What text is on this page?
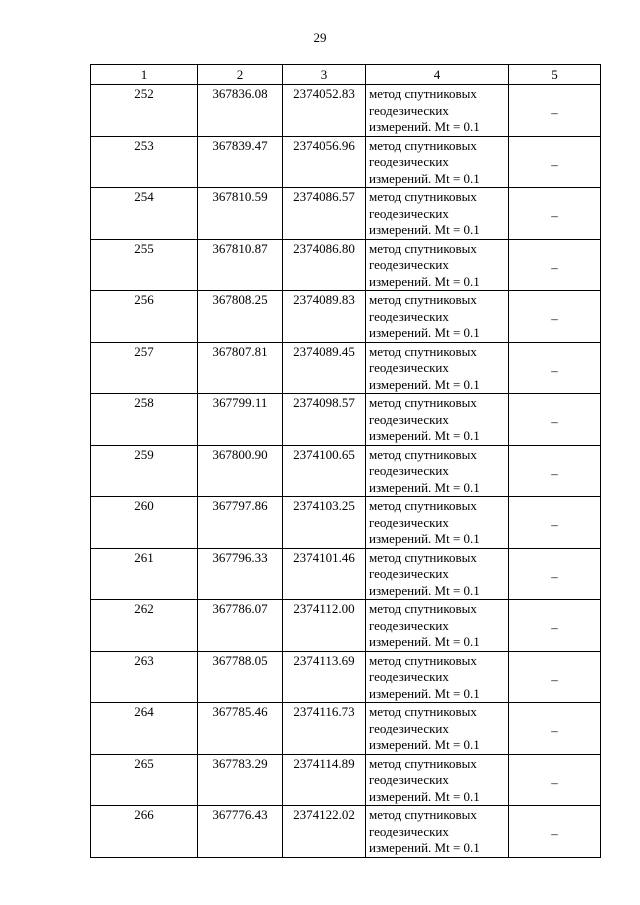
29
1	2	3	4	5
252	367836.08	2374052.83	метод спутниковых геодезических измерений. Mt = 0.1	–
253	367839.47	2374056.96	метод спутниковых геодезических измерений. Mt = 0.1	–
254	367810.59	2374086.57	метод спутниковых геодезических измерений. Mt = 0.1	–
255	367810.87	2374086.80	метод спутниковых геодезических измерений. Mt = 0.1	–
256	367808.25	2374089.83	метод спутниковых геодезических измерений. Mt = 0.1	–
257	367807.81	2374089.45	метод спутниковых геодезических измерений. Mt = 0.1	–
258	367799.11	2374098.57	метод спутниковых геодезических измерений. Mt = 0.1	–
259	367800.90	2374100.65	метод спутниковых геодезических измерений. Mt = 0.1	–
260	367797.86	2374103.25	метод спутниковых геодезических измерений. Mt = 0.1	–
261	367796.33	2374101.46	метод спутниковых геодезических измерений. Mt = 0.1	–
262	367786.07	2374112.00	метод спутниковых геодезических измерений. Mt = 0.1	–
263	367788.05	2374113.69	метод спутниковых геодезических измерений. Mt = 0.1	–
264	367785.46	2374116.73	метод спутниковых геодезических измерений. Mt = 0.1	–
265	367783.29	2374114.89	метод спутниковых геодезических измерений. Mt = 0.1	–
266	367776.43	2374122.02	метод спутниковых геодезических измерений. Mt = 0.1	–
